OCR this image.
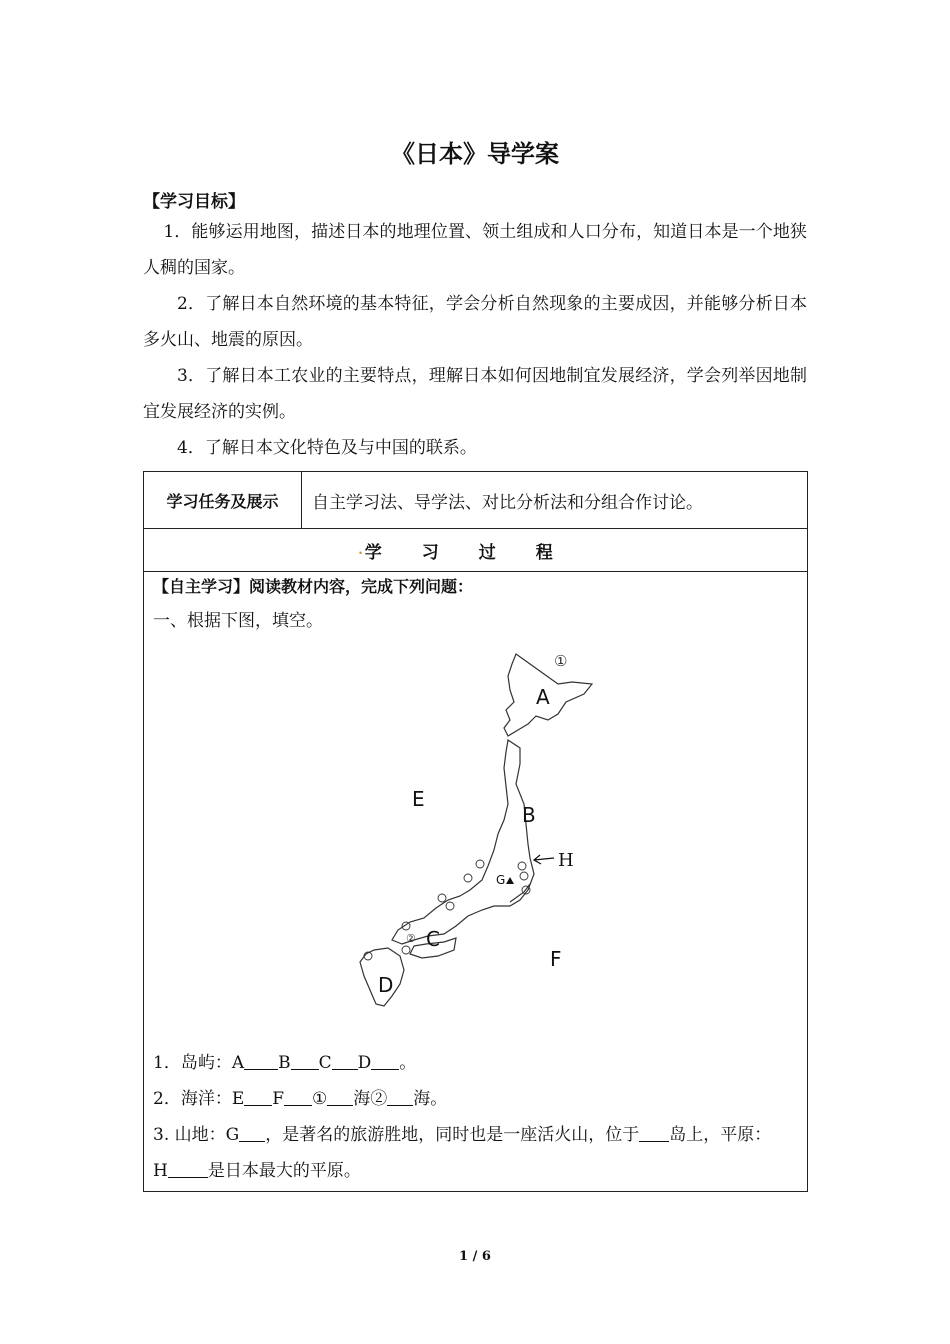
《日本》导学案
【学习目标】

1．能够运用地图，描述日本的地理位置、领土组成和人口分布，知道日本是一个地狭人稠的国家。

2．了解日本自然环境的基本特征，学会分析自然现象的主要成因，并能够分析日本多火山、地震的原因。

3．了解日本工农业的主要特点，理解日本如何因地制宜发展经济，学会列举因地制宜发展经济的实例。

4．了解日本文化特色及与中国的联系。

学习任务及展示	自主学习法、导学法、对比分析法和分组合作讨论。
. 学习过程
【自主学习】阅读教材内容，完成下列问题：
一、根据下图，填空。
①
A
E
B
H
G
② C
F
D
1．岛屿：A B C D 。
2．海洋：E F ① 海② 海。
3. 山地：G ，是著名的旅游胜地，同时也是一座活火山，位于 岛上，平原：
H 是日本最大的平原。
1 / 6
